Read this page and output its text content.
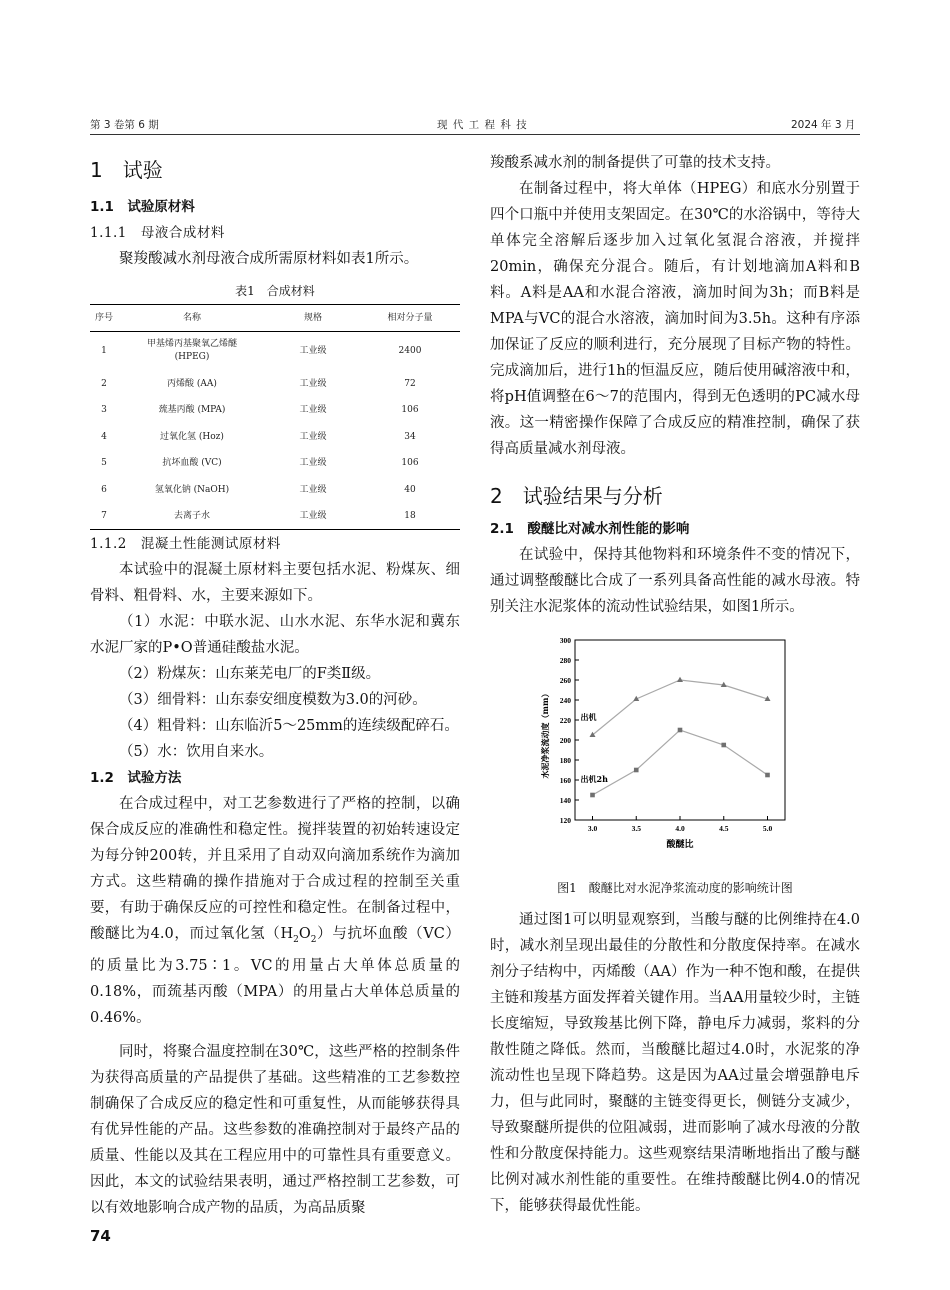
第 3 卷第 6 期	现 代 工 程 科 技	2024 年 3 月
1　试验
1.1　试验原材料
1.1.1　母液合成材料

聚羧酸减水剂母液合成所需原材料如表1所示。

表1　合成材料
序号	名称	规格	相对分子量
1	甲基烯丙基聚氧乙烯醚 (HPEG)	工业级	2400
2	丙烯酸 (AA)	工业级	72
3	巯基丙酸 (MPA)	工业级	106
4	过氧化氢 (Hoz)	工业级	34
5	抗坏血酸 (VC)	工业级	106
6	氢氧化钠 (NaOH)	工业级	40
7	去离子水	工业级	18
1.1.2　混凝土性能测试原材料

本试验中的混凝土原材料主要包括水泥、粉煤灰、细骨料、粗骨料、水，主要来源如下。

（1）水泥：中联水泥、山水水泥、东华水泥和冀东水泥厂家的P•O普通硅酸盐水泥。

（2）粉煤灰：山东莱芜电厂的F类Ⅱ级。

（3）细骨料：山东泰安细度模数为3.0的河砂。

（4）粗骨料：山东临沂5～25mm的连续级配碎石。

（5）水：饮用自来水。

1.2　试验方法

在合成过程中，对工艺参数进行了严格的控制，以确保合成反应的准确性和稳定性。搅拌装置的初始转速设定为每分钟200转，并且采用了自动双向滴加系统作为滴加方式。这些精确的操作措施对于合成过程的控制至关重要，有助于确保反应的可控性和稳定性。在制备过程中，酸醚比为4.0，而过氧化氢$(H_2O_2)$与抗坏血酸（VC）的质量比为3.75∶1。VC的用量占大单体总质量的0.18%，而巯基丙酸（MPA）的用量占大单体总质量的0.46%。

同时，将聚合温度控制在30℃，这些严格的控制条件为获得高质量的产品提供了基础。这些精准的工艺参数控制确保了合成反应的稳定性和可重复性，从而能够获得具有优异性能的产品。这些参数的准确控制对于最终产品的质量、性能以及其在工程应用中的可靠性具有重要意义。因此，本文的试验结果表明，通过严格控制工艺参数，可以有效地影响合成产物的品质，为高品质聚

羧酸系减水剂的制备提供了可靠的技术支持。

在制备过程中，将大单体（HPEG）和底水分别置于四个口瓶中并使用支架固定。在30℃的水浴锅中，等待大单体完全溶解后逐步加入过氧化氢混合溶液，并搅拌20min，确保充分混合。随后，有计划地滴加A料和B料。A料是AA和水混合溶液，滴加时间为3h；而B料是MPA与VC的混合水溶液，滴加时间为3.5h。这种有序添加保证了反应的顺利进行，充分展现了目标产物的特性。完成滴加后，进行1h的恒温反应，随后使用碱溶液中和，将pH值调整在6～7的范围内，得到无色透明的PC减水母液。这一精密操作保障了合成反应的精准控制，确保了获得高质量减水剂母液。

2　试验结果与分析
2.1　酸醚比对减水剂性能的影响

在试验中，保持其他物料和环境条件不变的情况下，通过调整酸醚比合成了一系列具备高性能的减水母液。特别关注水泥浆体的流动性试验结果，如图1所示。

120
140
160
180
200
220
240
260
280
300
3.0	3.5	4.0	4.5	5.0
酸醚比
水泥净浆流动度（mm）	出机
出机2h
图1　酸醚比对水泥净浆流动度的影响统计图

通过图1可以明显观察到，当酸与醚的比例维持在4.0时，减水剂呈现出最佳的分散性和分散度保持率。在减水剂分子结构中，丙烯酸（AA）作为一种不饱和酸，在提供主链和羧基方面发挥着关键作用。当AA用量较少时，主链长度缩短，导致羧基比例下降，静电斥力减弱，浆料的分散性随之降低。然而，当酸醚比超过4.0时，水泥浆的净流动性也呈现下降趋势。这是因为AA过量会增强静电斥力，但与此同时，聚醚的主链变得更长，侧链分支减少，导致聚醚所提供的位阻减弱，进而影响了减水母液的分散性和分散度保持能力。这些观察结果清晰地指出了酸与醚比例对减水剂性能的重要性。在维持酸醚比例4.0的情况下，能够获得最优性能。

74
